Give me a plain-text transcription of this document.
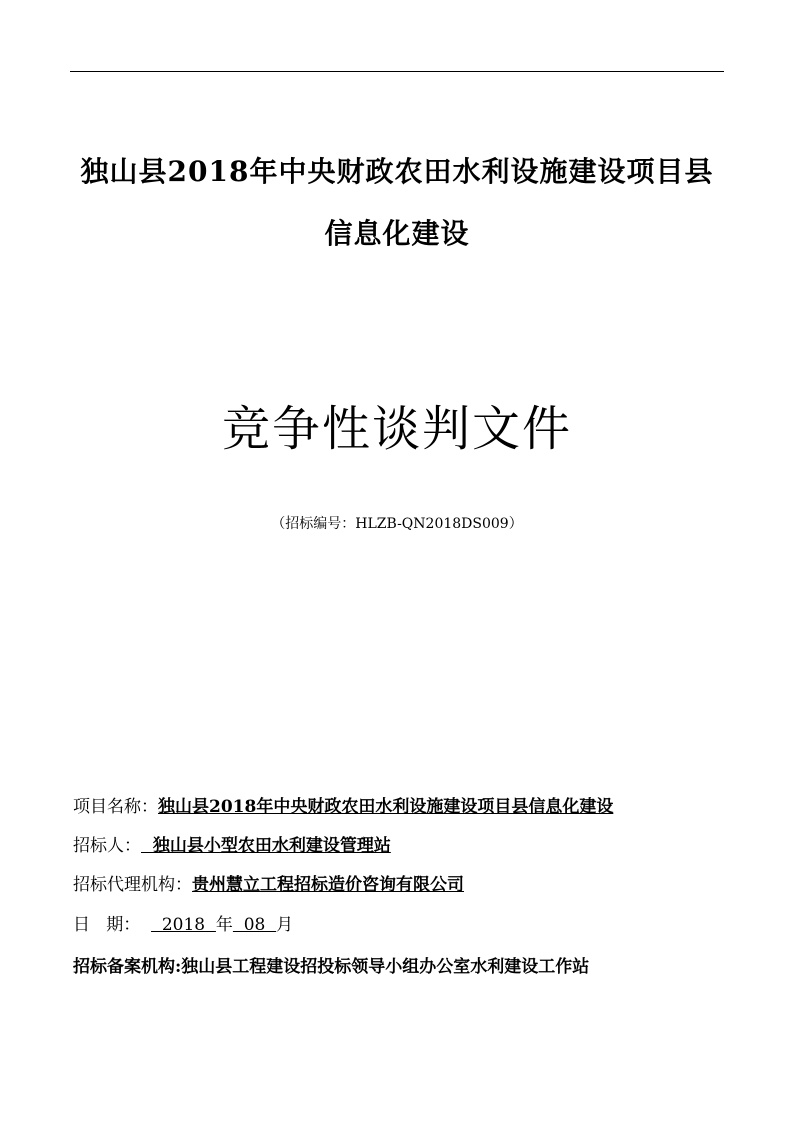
独山县2018年中央财政农田水利设施建设项目县
信息化建设
竞争性谈判文件
（招标编号：HLZB-QN2018DS009）
项目名称：独山县2018年中央财政农田水利设施建设项目县信息化建设
招标人：  独山县小型农田水利建设管理站
招标代理机构：贵州慧立工程招标造价咨询有限公司
日   期：    2018  年  08  月
招标备案机构:独山县工程建设招投标领导小组办公室水利建设工作站
